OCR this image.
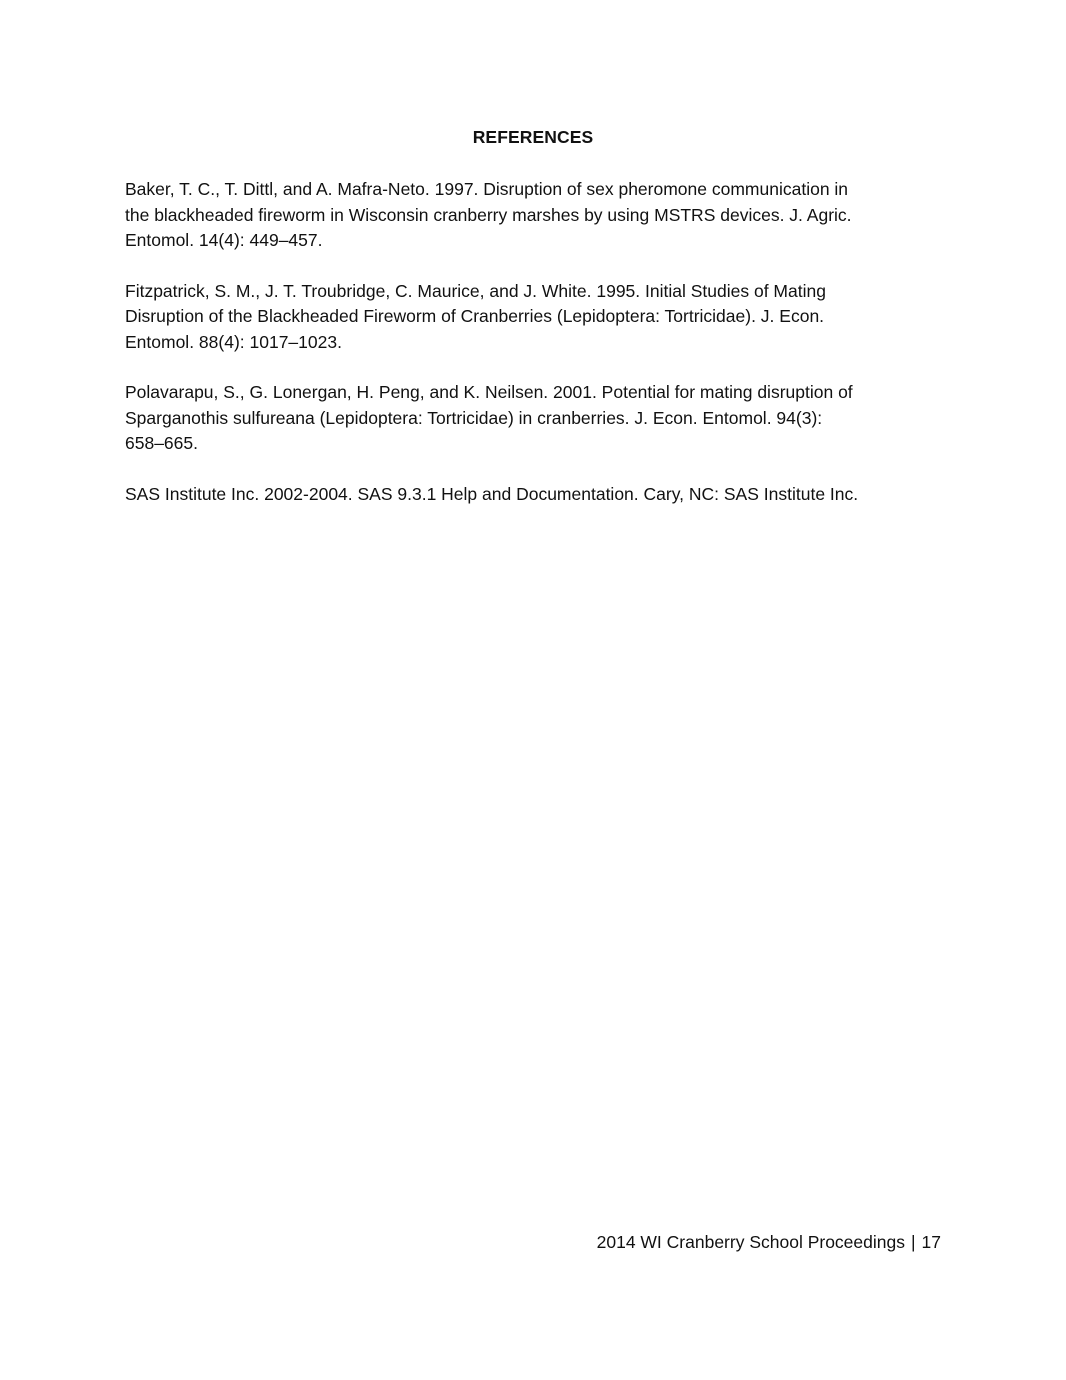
REFERENCES
Baker, T. C., T. Dittl, and A. Mafra-Neto. 1997. Disruption of sex pheromone communication in
the blackheaded fireworm in Wisconsin cranberry marshes by using MSTRS devices. J. Agric.
Entomol. 14(4): 449–457.
Fitzpatrick, S. M., J. T. Troubridge, C. Maurice, and J. White. 1995. Initial Studies of Mating
Disruption of the Blackheaded Fireworm of Cranberries (Lepidoptera: Tortricidae). J. Econ.
Entomol. 88(4): 1017–1023.
Polavarapu, S., G. Lonergan, H. Peng, and K. Neilsen. 2001. Potential for mating disruption of
Sparganothis sulfureana (Lepidoptera: Tortricidae) in cranberries. J. Econ. Entomol. 94(3):
658–665.
SAS Institute Inc. 2002-2004. SAS 9.3.1 Help and Documentation. Cary, NC: SAS Institute Inc.
2014 WI Cranberry School Proceedings | 17
